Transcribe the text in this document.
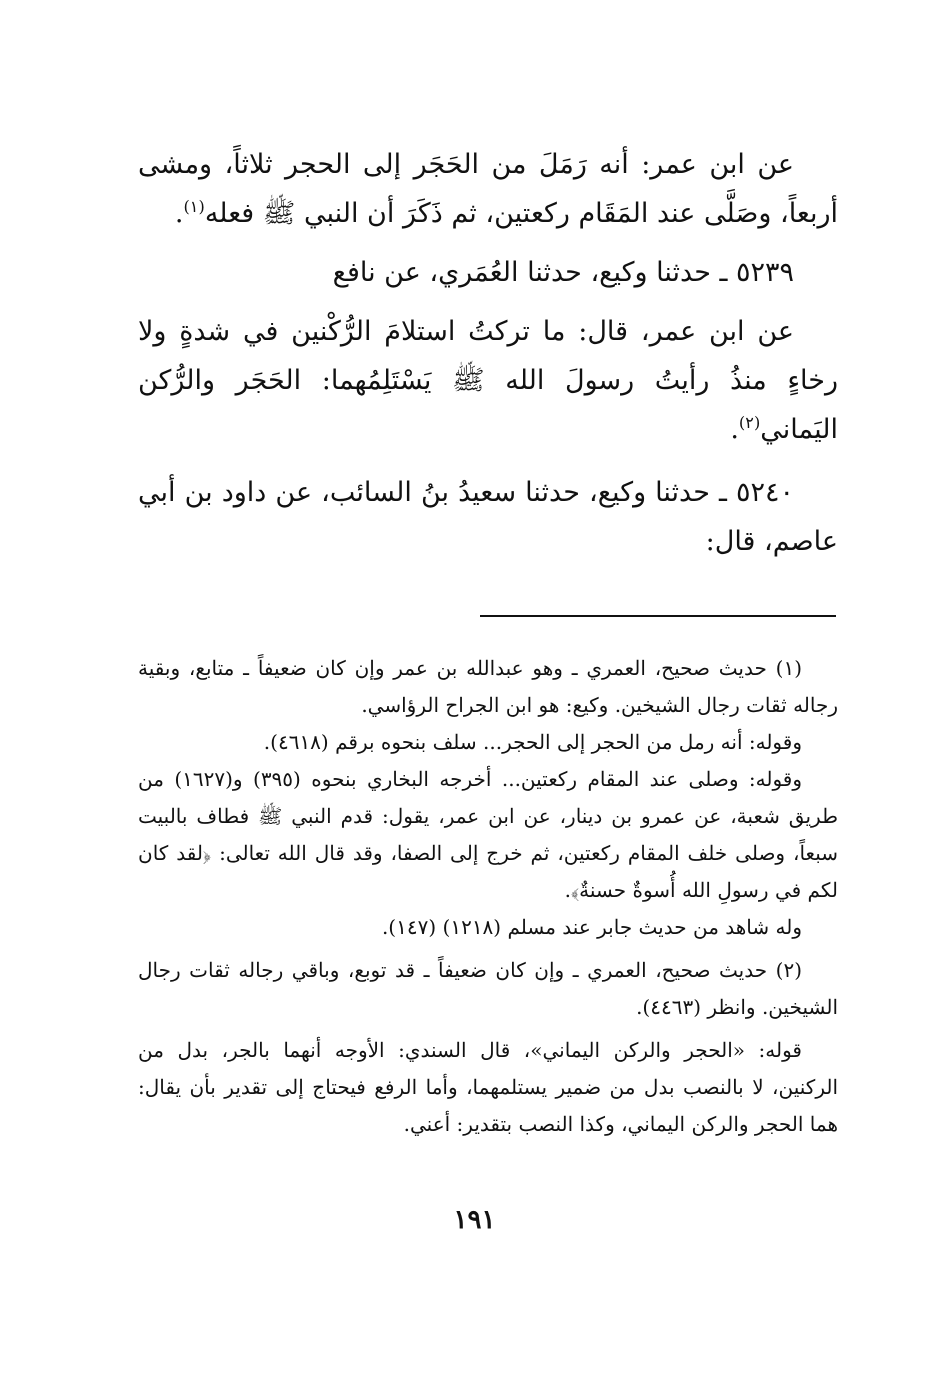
عن ابن عمر: أنه رَمَلَ من الحَجَر إلى الحجر ثلاثاً، ومشى أربعاً، وصَلَّى عند المَقَام ركعتين، ثم ذَكَرَ أن النبي ﷺ فعله$^{(١)}$.

٥٢٣٩ ـ حدثنا وكيع، حدثنا العُمَري، عن نافع

عن ابن عمر، قال: ما تركتُ استلامَ الرُّكْنين في شدةٍ ولا رخاءٍ منذُ رأيتُ رسولَ الله ﷺ يَسْتَلِمُهما: الحَجَر والرُّكن اليَماني$^{(٢)}$.

٥٢٤٠ ـ حدثنا وكيع، حدثنا سعيدُ بنُ السائب، عن داود بن أبي عاصم، قال:

(١) حديث صحيح، العمري ـ وهو عبدالله بن عمر وإن كان ضعيفاً ـ متابع، وبقية رجاله ثقات رجال الشيخين. وكيع: هو ابن الجراح الرؤاسي.

وقوله: أنه رمل من الحجر إلى الحجر... سلف بنحوه برقم (٤٦١٨).

وقوله: وصلى عند المقام ركعتين... أخرجه البخاري بنحوه (٣٩٥) و(١٦٢٧) من طريق شعبة، عن عمرو بن دينار، عن ابن عمر، يقول: قدم النبي ﷺ فطاف بالبيت سبعاً، وصلى خلف المقام ركعتين، ثم خرج إلى الصفا، وقد قال الله تعالى: ﴿لقد كان لكم في رسولِ الله أُسوةٌ حسنةٌ﴾.

وله شاهد من حديث جابر عند مسلم (١٢١٨) (١٤٧).

(٢) حديث صحيح، العمري ـ وإن كان ضعيفاً ـ قد توبع، وباقي رجاله ثقات رجال الشيخين. وانظر (٤٤٦٣).

قوله: «الحجر والركن اليماني»، قال السندي: الأوجه أنهما بالجر، بدل من الركنين، لا بالنصب بدل من ضمير يستلمهما، وأما الرفع فيحتاج إلى تقدير بأن يقال: هما الحجر والركن اليماني، وكذا النصب بتقدير: أعني.

١٩١
